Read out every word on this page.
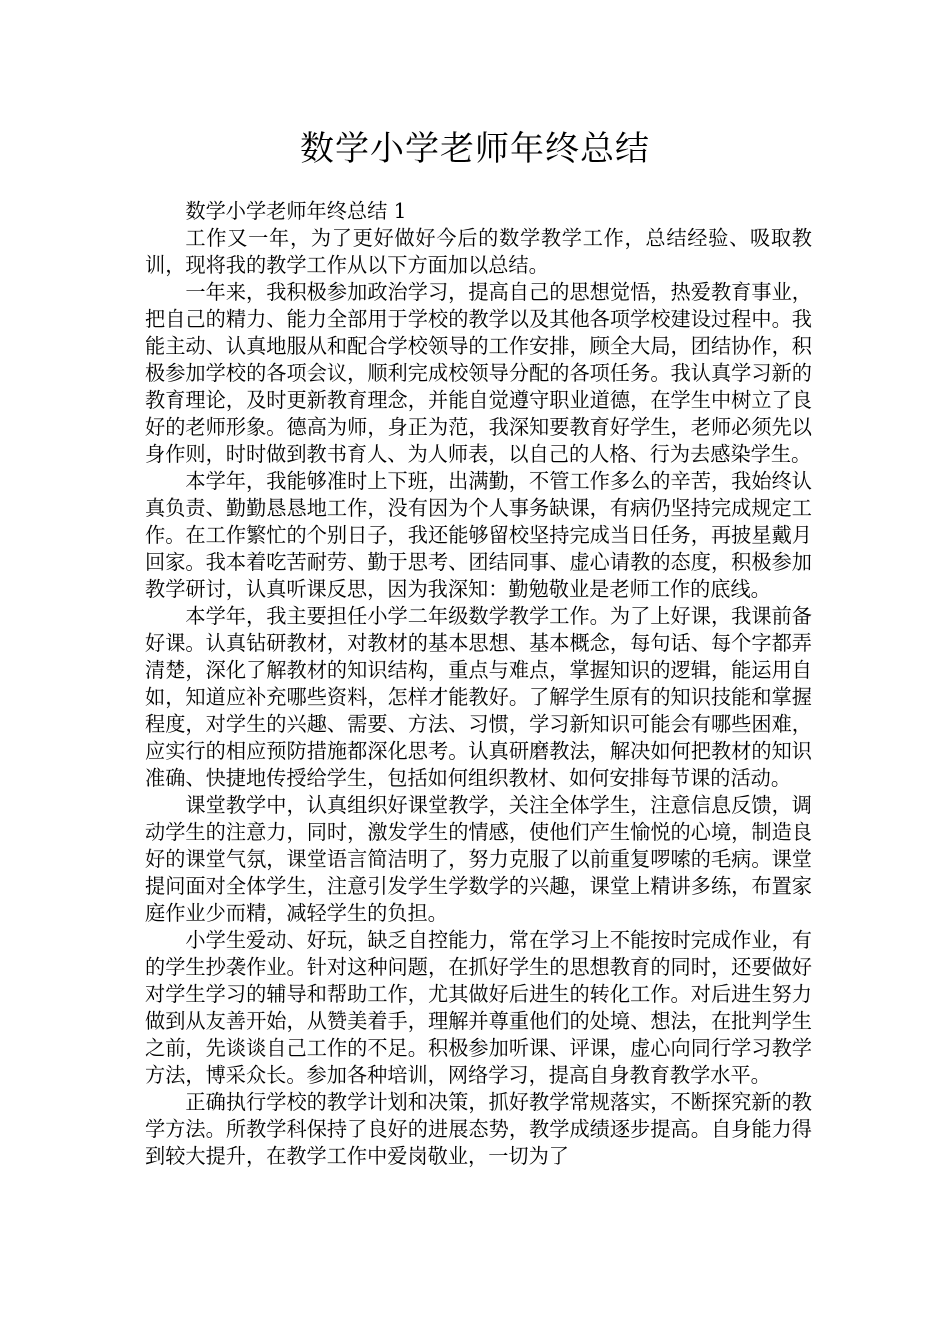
数学小学老师年终总结

数学小学老师年终总结 1

工作又一年，为了更好做好今后的数学教学工作，总结经验、吸取教训，现将我的教学工作从以下方面加以总结。

一年来，我积极参加政治学习，提高自己的思想觉悟，热爱教育事业，把自己的精力、能力全部用于学校的教学以及其他各项学校建设过程中。我能主动、认真地服从和配合学校领导的工作安排，顾全大局，团结协作，积极参加学校的各项会议，顺利完成校领导分配的各项任务。我认真学习新的教育理论，及时更新教育理念，并能自觉遵守职业道德，在学生中树立了良好的老师形象。德高为师，身正为范，我深知要教育好学生，老师必须先以身作则，时时做到教书育人、为人师表，以自己的人格、行为去感染学生。

本学年，我能够准时上下班，出满勤，不管工作多么的辛苦，我始终认真负责、勤勤恳恳地工作，没有因为个人事务缺课，有病仍坚持完成规定工作。在工作繁忙的个别日子，我还能够留校坚持完成当日任务，再披星戴月回家。我本着吃苦耐劳、勤于思考、团结同事、虚心请教的态度，积极参加教学研讨，认真听课反思，因为我深知：勤勉敬业是老师工作的底线。

本学年，我主要担任小学二年级数学教学工作。为了上好课，我课前备好课。认真钻研教材，对教材的基本思想、基本概念，每句话、每个字都弄清楚，深化了解教材的知识结构，重点与难点，掌握知识的逻辑，能运用自如，知道应补充哪些资料，怎样才能教好。了解学生原有的知识技能和掌握程度，对学生的兴趣、需要、方法、习惯，学习新知识可能会有哪些困难，应实行的相应预防措施都深化思考。认真研磨教法，解决如何把教材的知识准确、快捷地传授给学生，包括如何组织教材、如何安排每节课的活动。

课堂教学中，认真组织好课堂教学，关注全体学生，注意信息反馈，调动学生的注意力，同时，激发学生的情感，使他们产生愉悦的心境，制造良好的课堂气氛，课堂语言简洁明了，努力克服了以前重复啰嗦的毛病。课堂提问面对全体学生，注意引发学生学数学的兴趣，课堂上精讲多练，布置家庭作业少而精，减轻学生的负担。

小学生爱动、好玩，缺乏自控能力，常在学习上不能按时完成作业，有的学生抄袭作业。针对这种问题，在抓好学生的思想教育的同时，还要做好对学生学习的辅导和帮助工作，尤其做好后进生的转化工作。对后进生努力做到从友善开始，从赞美着手，理解并尊重他们的处境、想法，在批判学生之前，先谈谈自己工作的不足。积极参加听课、评课，虚心向同行学习教学方法，博采众长。参加各种培训，网络学习，提高自身教育教学水平。

正确执行学校的教学计划和决策，抓好教学常规落实，不断探究新的教学方法。所教学科保持了良好的进展态势，教学成绩逐步提高。自身能力得到较大提升，在教学工作中爱岗敬业，一切为了
